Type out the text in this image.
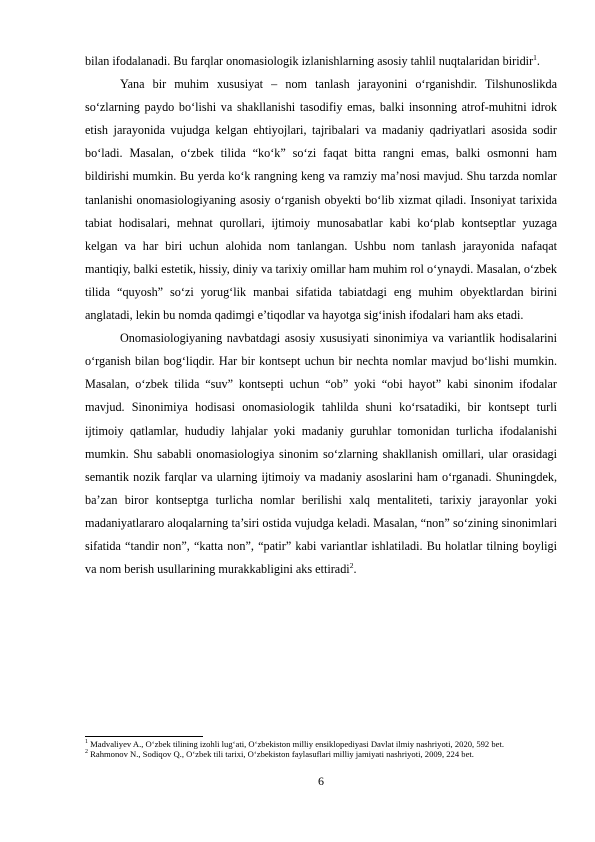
bilan ifodalanadi. Bu farqlar onomasiologik izlanishlarning asosiy tahlil nuqtalaridan biridir$^1$.

Yana bir muhim xususiyat – nom tanlash jarayonini o‘rganishdir. Tilshunoslikda so‘zlarning paydo bo‘lishi va shakllanishi tasodifiy emas, balki insonning atrof-muhitni idrok etish jarayonida vujudga kelgan ehtiyojlari, tajribalari va madaniy qadriyatlari asosida sodir bo‘ladi. Masalan, o‘zbek tilida “ko‘k” so‘zi faqat bitta rangni emas, balki osmonni ham bildirishi mumkin. Bu yerda ko‘k rangning keng va ramziy ma’nosi mavjud. Shu tarzda nomlar tanlanishi onomasiologiyaning asosiy o‘rganish obyekti bo‘lib xizmat qiladi. Insoniyat tarixida tabiat hodisalari, mehnat qurollari, ijtimoiy munosabatlar kabi ko‘plab kontseptlar yuzaga kelgan va har biri uchun alohida nom tanlangan. Ushbu nom tanlash jarayonida nafaqat mantiqiy, balki estetik, hissiy, diniy va tarixiy omillar ham muhim rol o‘ynaydi. Masalan, o‘zbek tilida “quyosh” so‘zi yorug‘lik manbai sifatida tabiatdagi eng muhim obyektlardan birini anglatadi, lekin bu nomda qadimgi e’tiqodlar va hayotga sig‘inish ifodalari ham aks etadi.

Onomasiologiyaning navbatdagi asosiy xususiyati sinonimiya va variantlik hodisalarini o‘rganish bilan bog‘liqdir. Har bir kontsept uchun bir nechta nomlar mavjud bo‘lishi mumkin. Masalan, o‘zbek tilida “suv” kontsepti uchun “ob” yoki “obi hayot” kabi sinonim ifodalar mavjud. Sinonimiya hodisasi onomasiologik tahlilda shuni ko‘rsatadiki, bir kontsept turli ijtimoiy qatlamlar, hududiy lahjalar yoki madaniy guruhlar tomonidan turlicha ifodalanishi mumkin. Shu sababli onomasiologiya sinonim so‘zlarning shakllanish omillari, ular orasidagi semantik nozik farqlar va ularning ijtimoiy va madaniy asoslarini ham o‘rganadi. Shuningdek, ba’zan biror kontseptga turlicha nomlar berilishi xalq mentaliteti, tarixiy jarayonlar yoki madaniyatlararo aloqalarning ta’siri ostida vujudga keladi. Masalan, “non” so‘zining sinonimlari sifatida “tandir non”, “katta non”, “patir” kabi variantlar ishlatiladi. Bu holatlar tilning boyligi va nom berish usullarining murakkabligini aks ettiradi$^2$.

$^1$ Madvaliyev A., O‘zbek tilining izohli lug‘ati, O‘zbekiston milliy ensiklopediyasi Davlat ilmiy nashriyoti, 2020, 592 bet.

$^2$ Rahmonov N., Sodiqov Q., O‘zbek tili tarixi, O‘zbekiston faylasuflari milliy jamiyati nashriyoti, 2009, 224 bet.

6
